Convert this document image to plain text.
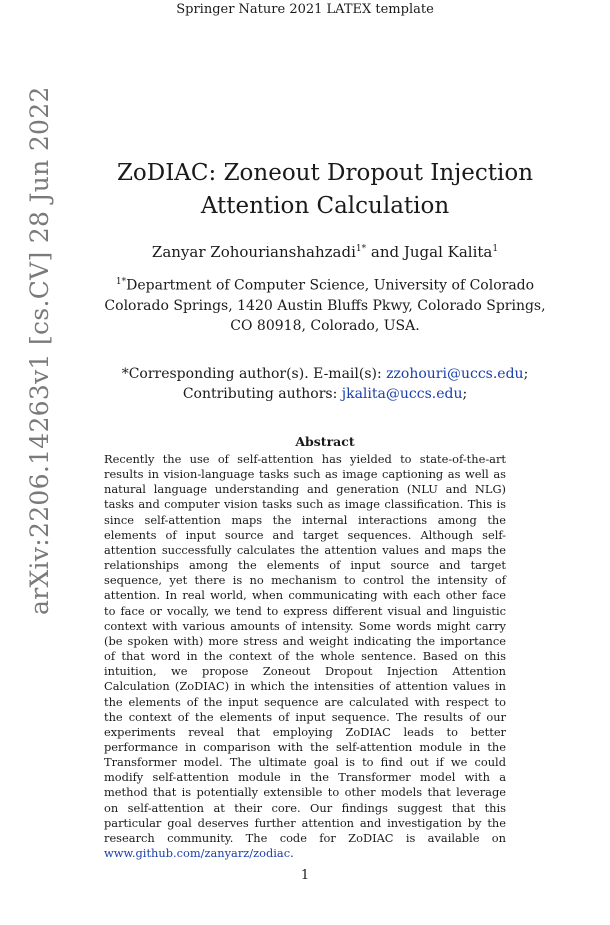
Springer Nature 2021 LATEX template
arXiv:2206.14263v1 [cs.CV] 28 Jun 2022	ZoDIAC: Zoneout Dropout Injection
Attention Calculation
Zanyar Zohourianshahzadi$^{1*}$ and Jugal Kalita$^1$
$^{1*}$Department of Computer Science, University of Colorado
Colorado Springs, 1420 Austin Bluffs Pkwy, Colorado Springs,
CO 80918, Colorado, USA.
*Corresponding author(s). E-mail(s): zzohouri@uccs.edu;
Contributing authors: jkalita@uccs.edu;
Abstract
Recently the use of self-attention has yielded to state-of-the-art results in vision-language tasks such as image captioning as well as natural language understanding and generation (NLU and NLG) tasks and computer vision tasks such as image classification. This is since self-attention maps the internal interactions among the elements of input source and target sequences. Although self-attention successfully calculates the attention values and maps the relationships among the elements of input source and target sequence, yet there is no mechanism to control the intensity of attention. In real world, when communicating with each other face to face or vocally, we tend to express different visual and linguistic context with various amounts of intensity. Some words might carry (be spoken with) more stress and weight indicating the importance of that word in the context of the whole sentence. Based on this intuition, we propose Zoneout Dropout Injection Attention Calculation (ZoDIAC) in which the intensities of attention values in the elements of the input sequence are calculated with respect to the context of the elements of input sequence. The results of our experiments reveal that employing ZoDIAC leads to better performance in comparison with the self-attention module in the Transformer model. The ultimate goal is to find out if we could modify self-attention module in the Transformer model with a method that is potentially extensible to other models that leverage on self-attention at their core. Our findings suggest that this particular goal deserves further attention and investigation by the research community. The code for ZoDIAC is available on www.github.com/zanyarz/zodiac.
1
